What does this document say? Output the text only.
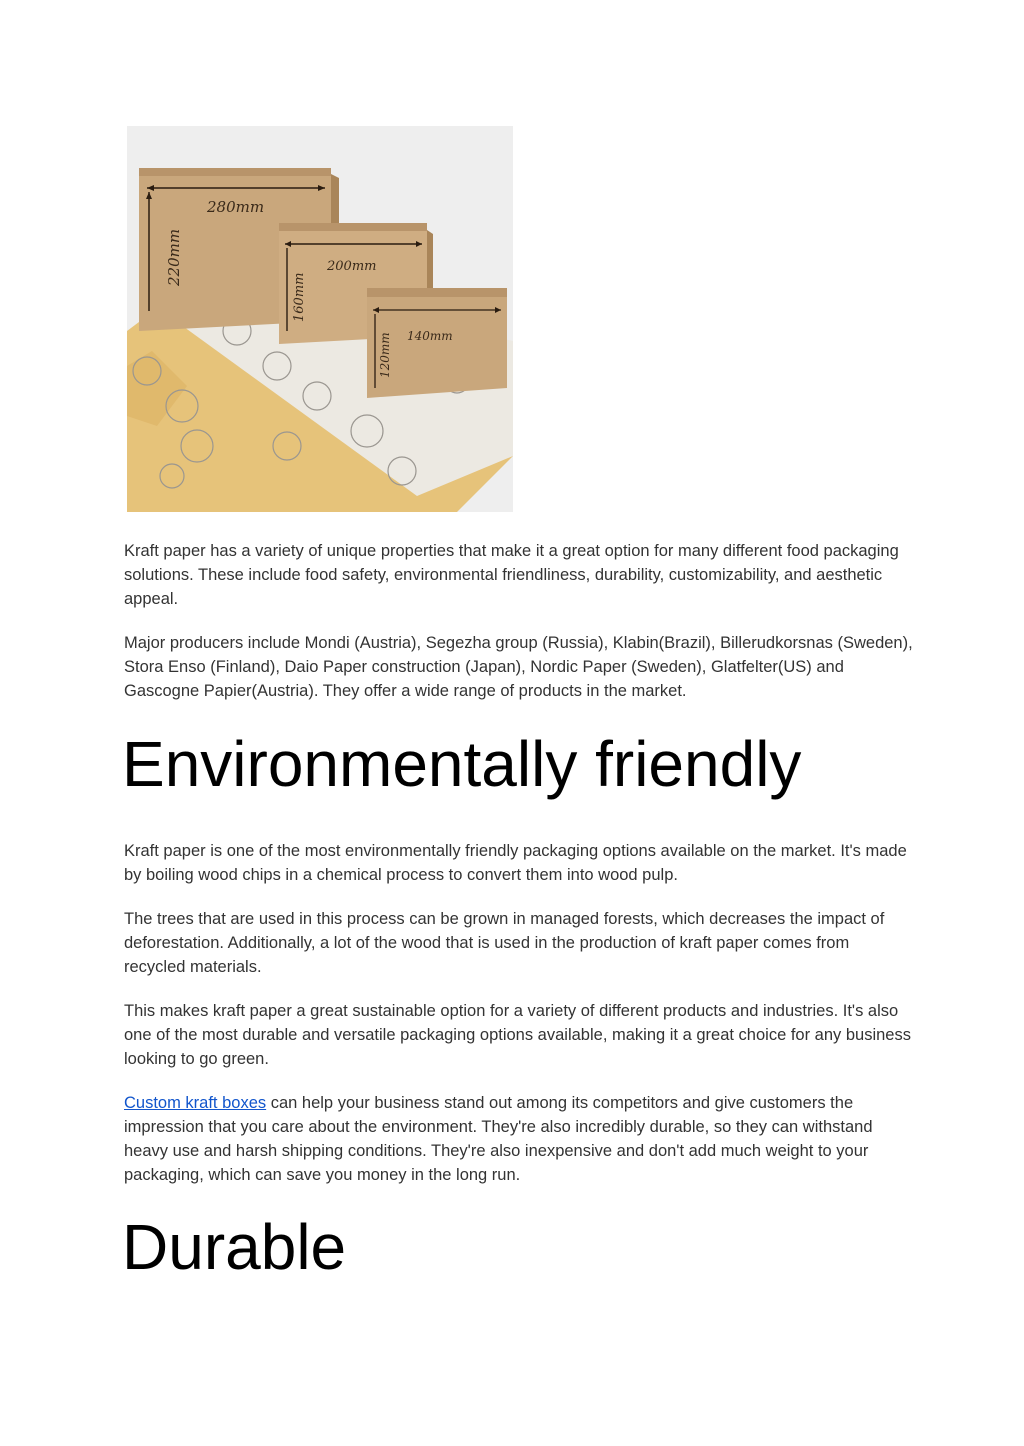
280mm
220mm	200mm
160mm
140mm
120mm

Kraft paper has a variety of unique properties that make it a great option for many different food packaging solutions. These include food safety, environmental friendliness, durability, customizability, and aesthetic appeal.

Major producers include Mondi (Austria), Segezha group (Russia), Klabin(Brazil), Billerudkorsnas (Sweden), Stora Enso (Finland), Daio Paper construction (Japan), Nordic Paper (Sweden), Glatfelter(US) and Gascogne Papier(Austria). They offer a wide range of products in the market.

Environmentally friendly

Kraft paper is one of the most environmentally friendly packaging options available on the market. It's made by boiling wood chips in a chemical process to convert them into wood pulp.

The trees that are used in this process can be grown in managed forests, which decreases the impact of deforestation. Additionally, a lot of the wood that is used in the production of kraft paper comes from recycled materials.

This makes kraft paper a great sustainable option for a variety of different products and industries. It's also one of the most durable and versatile packaging options available, making it a great choice for any business looking to go green.

Custom kraft boxes can help your business stand out among its competitors and give customers the impression that you care about the environment. They're also incredibly durable, so they can withstand heavy use and harsh shipping conditions. They're also inexpensive and don't add much weight to your packaging, which can save you money in the long run.

Durable
